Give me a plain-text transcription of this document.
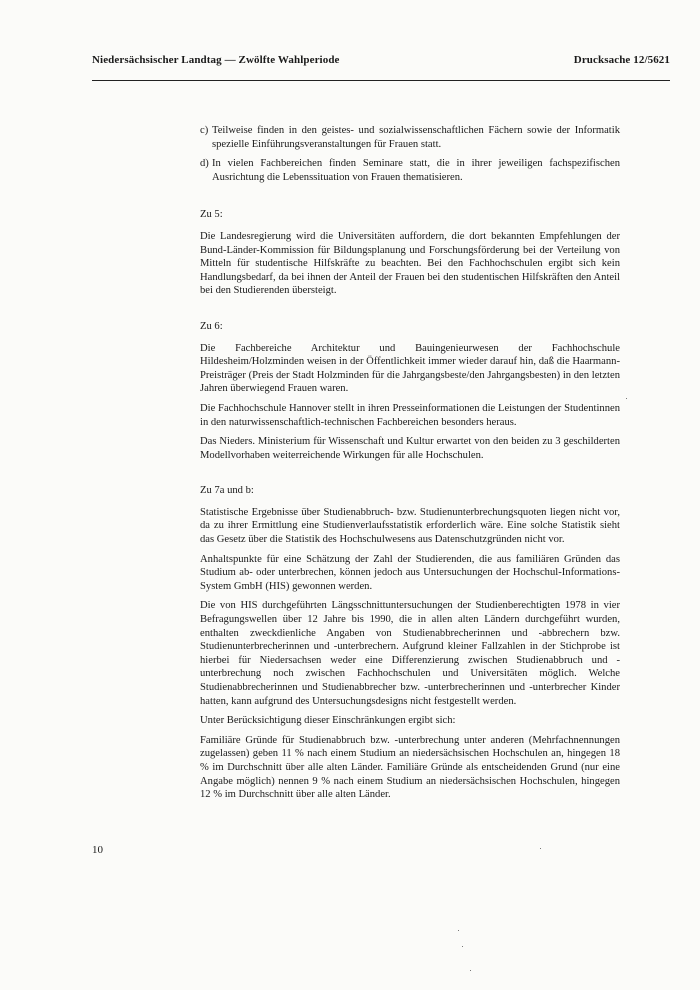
Niedersächsischer Landtag — Zwölfte Wahlperiode	Drucksache 12/5621
c) Teilweise finden in den geistes- und sozialwissenschaftlichen Fächern sowie der Informatik spezielle Einführungsveranstaltungen für Frauen statt.
d) In vielen Fachbereichen finden Seminare statt, die in ihrer jeweiligen fachspezifischen Ausrichtung die Lebenssituation von Frauen thematisieren.
Zu 5:

Die Landesregierung wird die Universitäten auffordern, die dort bekannten Empfehlungen der Bund-Länder-Kommission für Bildungsplanung und Forschungsförderung bei der Verteilung von Mitteln für studentische Hilfskräfte zu beachten. Bei den Fachhochschulen ergibt sich kein Handlungsbedarf, da bei ihnen der Anteil der Frauen bei den studentischen Hilfskräften den Anteil bei den Studierenden übersteigt.

Zu 6:

Die Fachbereiche Architektur und Bauingenieurwesen der Fachhochschule Hildesheim/Holzminden weisen in der Öffentlichkeit immer wieder darauf hin, daß die Haarmann-Preisträger (Preis der Stadt Holzminden für die Jahrgangsbeste/den Jahrgangsbesten) in den letzten Jahren überwiegend Frauen waren.

Die Fachhochschule Hannover stellt in ihren Presseinformationen die Leistungen der Studentinnen in den naturwissenschaftlich-technischen Fachbereichen besonders heraus.

Das Nieders. Ministerium für Wissenschaft und Kultur erwartet von den beiden zu 3 geschilderten Modellvorhaben weiterreichende Wirkungen für alle Hochschulen.

Zu 7a und b:

Statistische Ergebnisse über Studienabbruch- bzw. Studienunterbrechungsquoten liegen nicht vor, da zu ihrer Ermittlung eine Studienverlaufsstatistik erforderlich wäre. Eine solche Statistik sieht das Gesetz über die Statistik des Hochschulwesens aus Datenschutzgründen nicht vor.

Anhaltspunkte für eine Schätzung der Zahl der Studierenden, die aus familiären Gründen das Studium ab- oder unterbrechen, können jedoch aus Untersuchungen der Hochschul-Informations-System GmbH (HIS) gewonnen werden.

Die von HIS durchgeführten Längsschnittuntersuchungen der Studienberechtigten 1978 in vier Befragungswellen über 12 Jahre bis 1990, die in allen alten Ländern durchgeführt wurden, enthalten zweckdienliche Angaben von Studienabbrecherinnen und -abbrechern bzw. Studienunterbrecherinnen und -unterbrechern. Aufgrund kleiner Fallzahlen in der Stichprobe ist hierbei für Niedersachsen weder eine Differenzierung zwischen Studienabbruch und -unterbrechung noch zwischen Fachhochschulen und Universitäten möglich. Welche Studienabbrecherinnen und Studienabbrecher bzw. -unterbrecherinnen und -unterbrecher Kinder hatten, kann aufgrund des Untersuchungsdesigns nicht festgestellt werden.

Unter Berücksichtigung dieser Einschränkungen ergibt sich:

Familiäre Gründe für Studienabbruch bzw. -unterbrechung unter anderen (Mehrfachnennungen zugelassen) geben 11 % nach einem Studium an niedersächsischen Hochschulen an, hingegen 18 % im Durchschnitt über alle alten Länder. Familiäre Gründe als entscheidenden Grund (nur eine Angabe möglich) nennen 9 % nach einem Studium an niedersächsischen Hochschulen, hingegen 12 % im Durchschnitt über alle alten Länder.

10
